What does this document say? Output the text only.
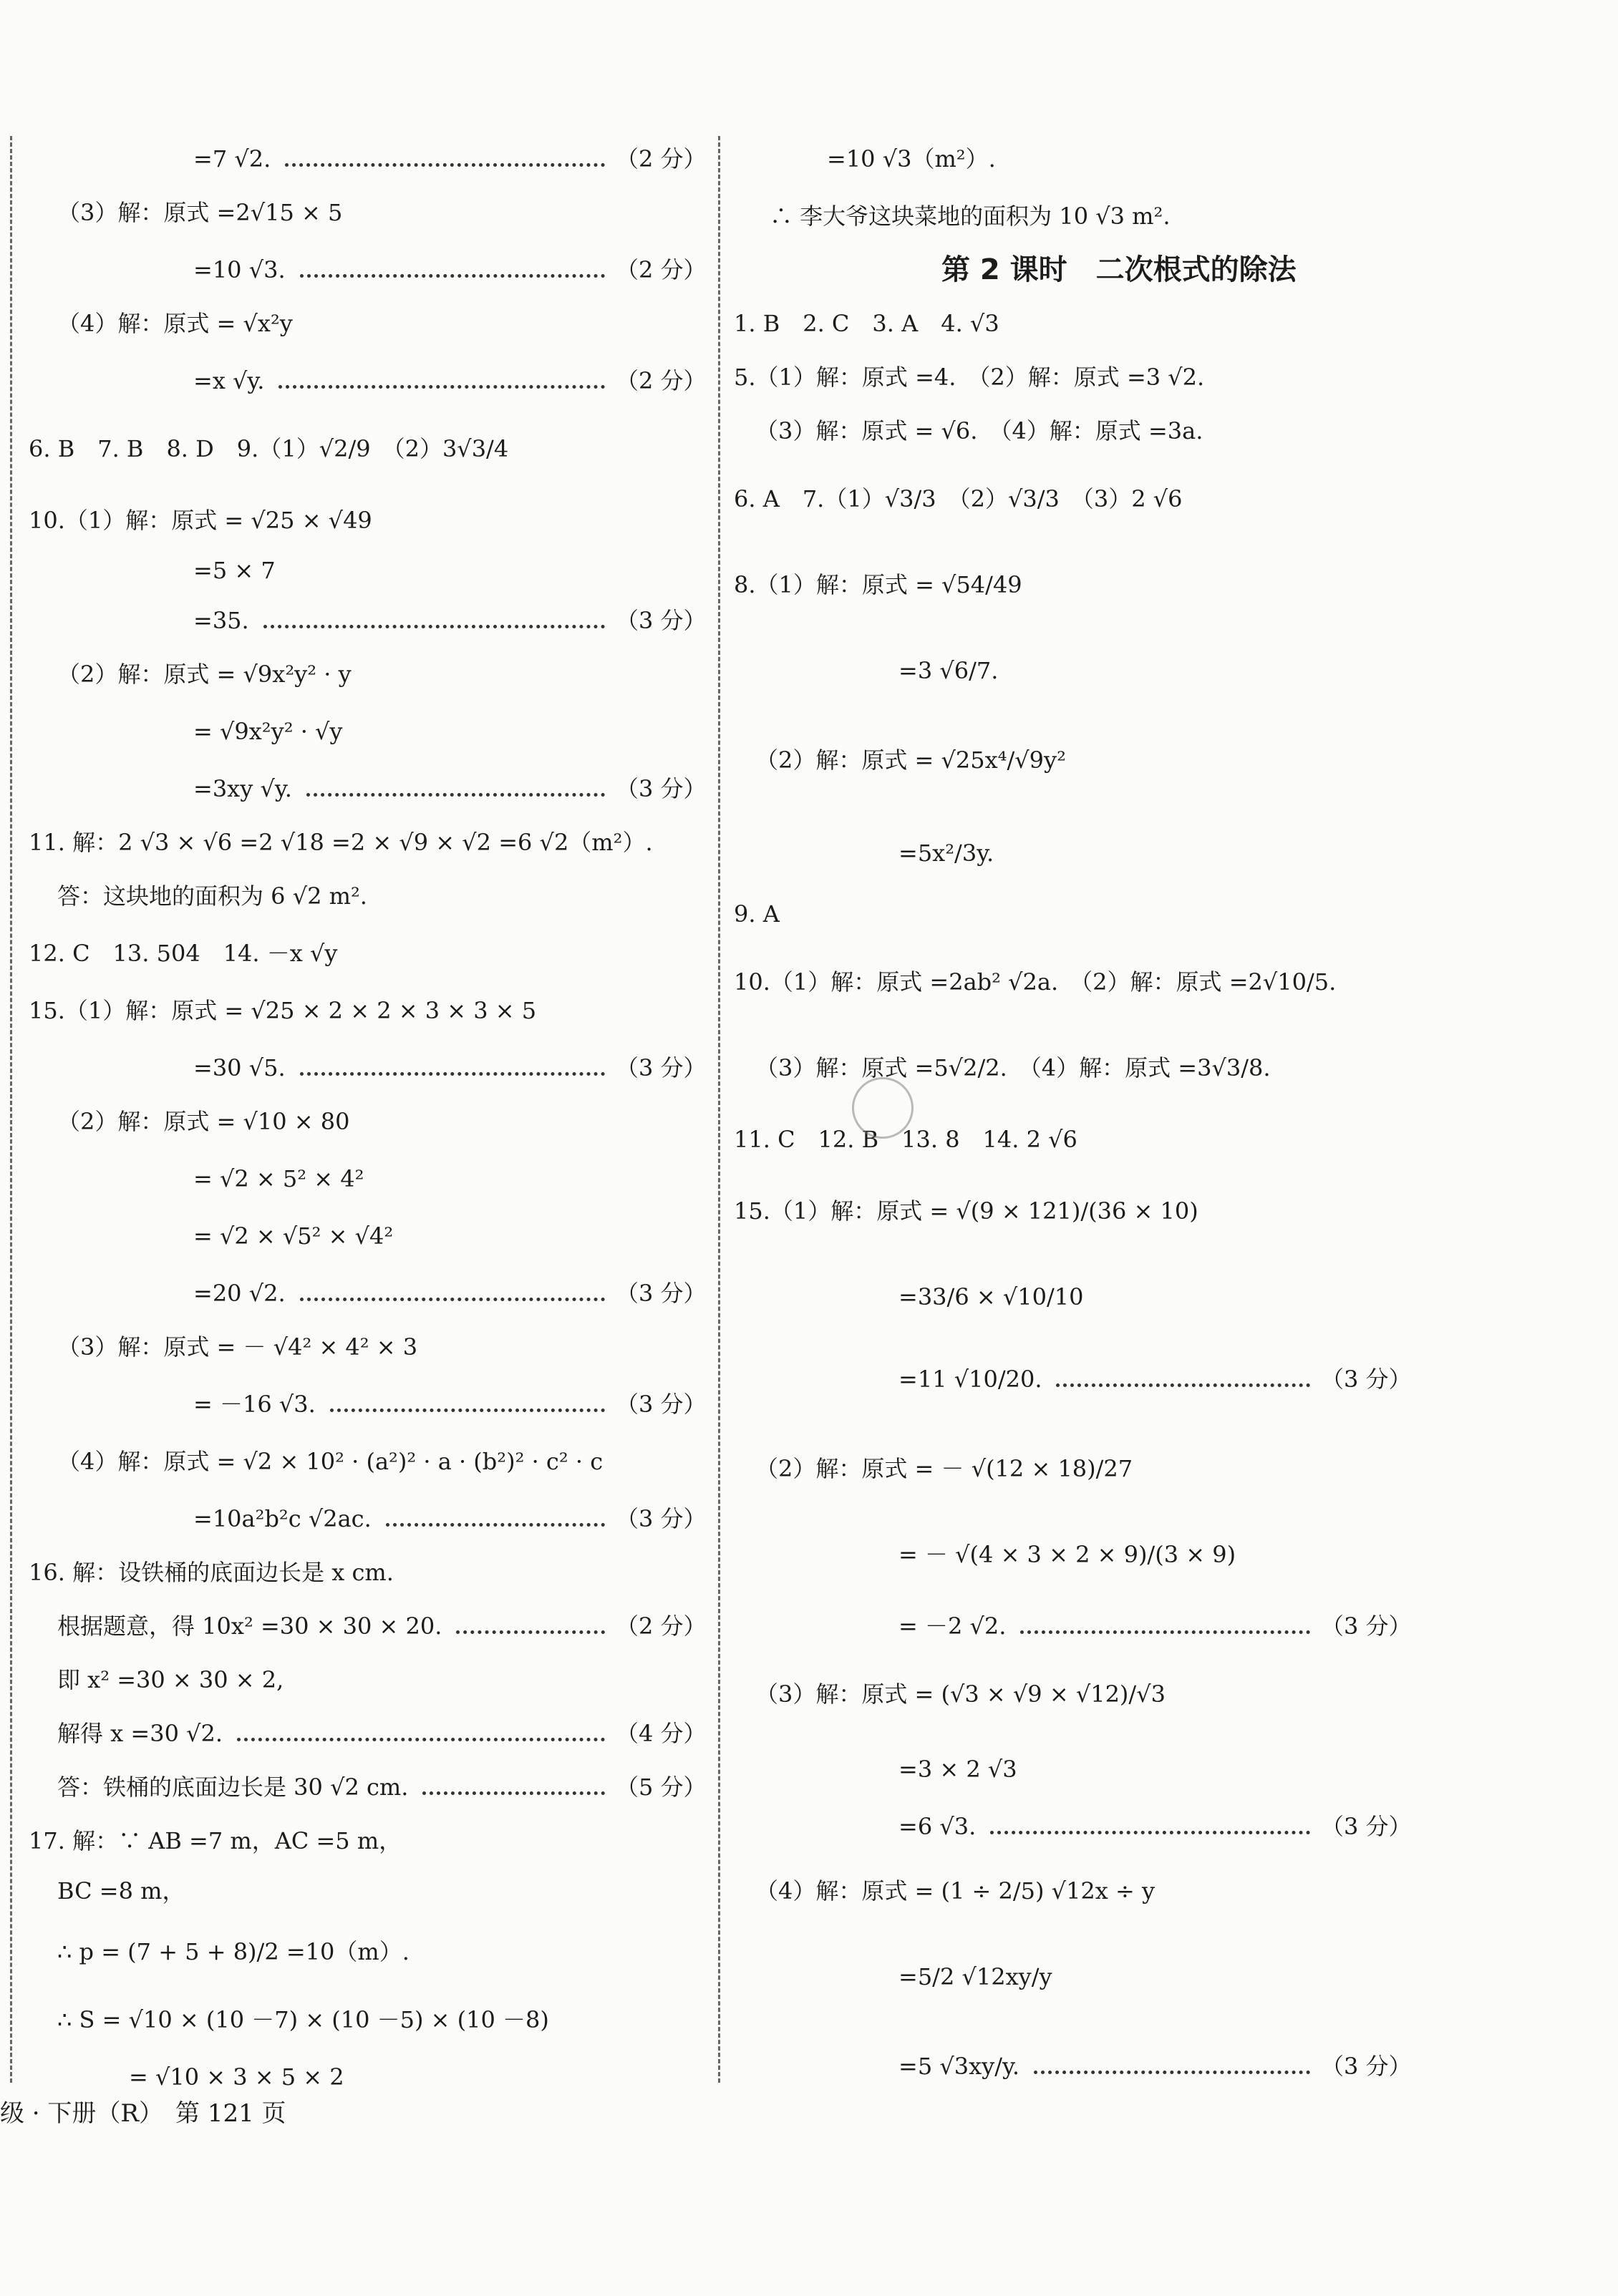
=7 √2.	（2 分）
（3）解：原式 =2√15 × 5
=10 √3.	（2 分）
（4）解：原式 = √x²y
=x √y.	（2 分）
6. B　7. B　8. D　9.（1）√2/9　（2）3√3/4
10.（1）解：原式 = √25 × √49
=5 × 7
=35.	（3 分）
（2）解：原式 = √9x²y² · y
= √9x²y² · √y
=3xy √y.	（3 分）
11. 解：2 √3 × √6 =2 √18 =2 × √9 × √2 =6 √2（m²）.
答：这块地的面积为 6 √2 m².
12. C　13. 504　14. －x √y
15.（1）解：原式 = √25 × 2 × 2 × 3 × 3 × 5
=30 √5.	（3 分）
（2）解：原式 = √10 × 80
= √2 × 5² × 4²
= √2 × √5² × √4²
=20 √2.	（3 分）
（3）解：原式 = － √4² × 4² × 3
= －16 √3.	（3 分）
（4）解：原式 = √2 × 10² · (a²)² · a · (b²)² · c² · c
=10a²b²c √2ac.	（3 分）
16. 解：设铁桶的底面边长是 x cm.
根据题意，得 10x² =30 × 30 × 20.	（2 分）
即 x² =30 × 30 × 2,
解得 x =30 √2.	（4 分）
答：铁桶的底面边长是 30 √2 cm.	（5 分）
17. 解：∵ AB =7 m，AC =5 m，
BC =8 m，
∴ p = (7 + 5 + 8)/2 =10（m）.
∴ S = √10 × (10 －7) × (10 －5) × (10 －8)
= √10 × 3 × 5 × 2
第 2 课时　二次根式的除法
=10 √3（m²）.
∴ 李大爷这块菜地的面积为 10 √3 m².
1. B　2. C　3. A　4. √3
5.（1）解：原式 =4.　（2）解：原式 =3 √2.
（3）解：原式 = √6.　（4）解：原式 =3a.
6. A　7.（1）√3/3　（2）√3/3　（3）2 √6
8.（1）解：原式 = √54/49
=3 √6/7.
（2）解：原式 = √25x⁴/√9y²
=5x²/3y.
9. A
10.（1）解：原式 =2ab² √2a.　（2）解：原式 =2√10/5.
（3）解：原式 =5√2/2.　（4）解：原式 =3√3/8.
11. C　12. B　13. 8　14. 2 √6
15.（1）解：原式 = √(9 × 121)/(36 × 10)
=33/6 × √10/10
=11 √10/20.	（3 分）
（2）解：原式 = － √(12 × 18)/27
= － √(4 × 3 × 2 × 9)/(3 × 9)
= －2 √2.	（3 分）
（3）解：原式 = (√3 × √9 × √12)/√3
=3 × 2 √3
=6 √3.	（3 分）
（4）解：原式 = (1 ÷ 2/5) √12x ÷ y
=5/2 √12xy/y
=5 √3xy/y.	（3 分）
级 · 下册（R）　第 121 页
